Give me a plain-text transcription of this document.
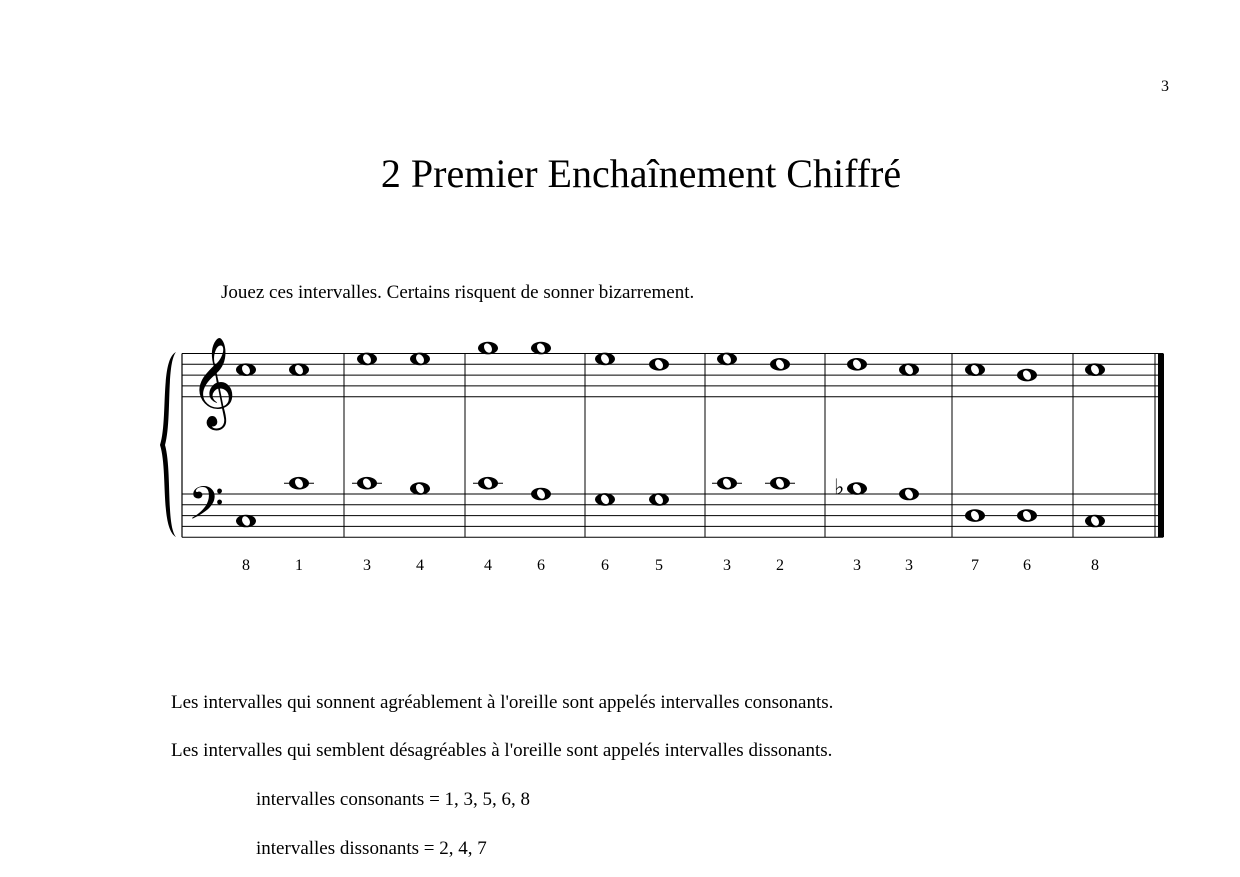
3
2 Premier Enchaînement Chiffré
Jouez ces intervalles. Certains risquent de sonner bizarrement.
𝄞
𝄢	♭
8	1	3	4	4	6	6	5	3	2	3	3	7	6	8

Les intervalles qui sonnent agréablement à l'oreille sont appelés intervalles consonants.

Les intervalles qui semblent désagréables à l'oreille sont appelés intervalles dissonants.

intervalles consonants = 1, 3, 5, 6, 8

intervalles dissonants = 2, 4, 7
